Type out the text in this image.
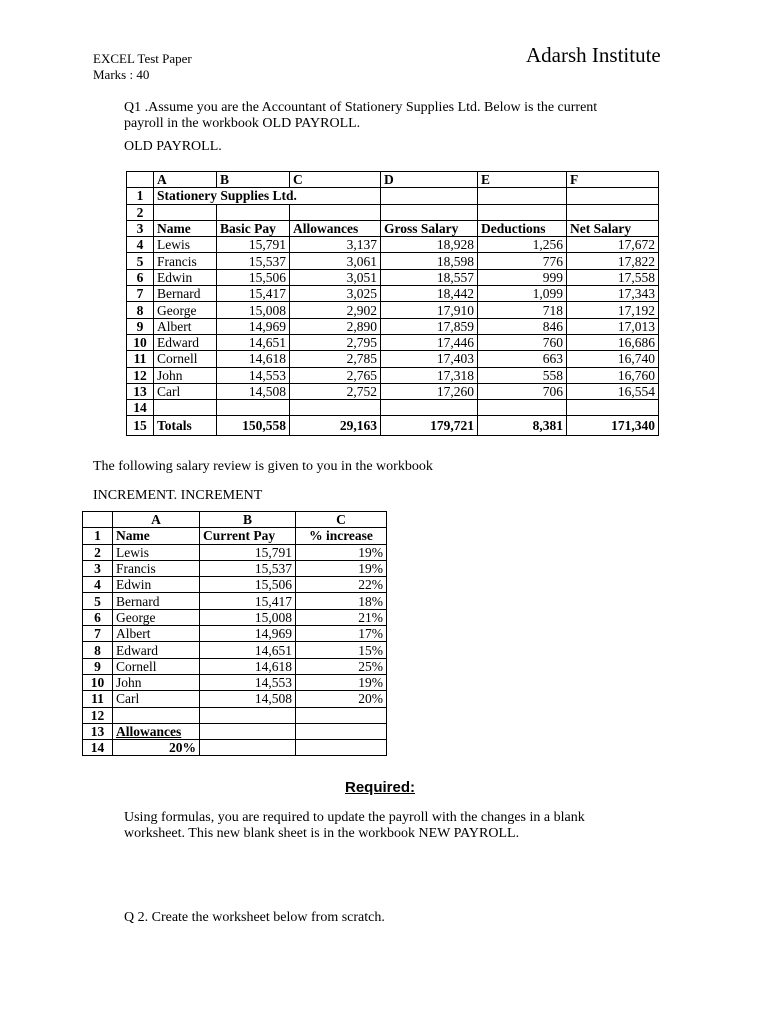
EXCEL Test Paper
Marks : 40
Adarsh Institute
Q1 .Assume you are the Accountant of Stationery Supplies Ltd. Below is the current payroll in the workbook OLD PAYROLL.
OLD PAYROLL.
	A	B	C	D	E	F
1	Stationery Supplies Ltd.					
2						
3	Name	Basic Pay	Allowances	Gross Salary	Deductions	Net Salary
4	Lewis	15,791	3,137	18,928	1,256	17,672
5	Francis	15,537	3,061	18,598	776	17,822
6	Edwin	15,506	3,051	18,557	999	17,558
7	Bernard	15,417	3,025	18,442	1,099	17,343
8	George	15,008	2,902	17,910	718	17,192
9	Albert	14,969	2,890	17,859	846	17,013
10	Edward	14,651	2,795	17,446	760	16,686
11	Cornell	14,618	2,785	17,403	663	16,740
12	John	14,553	2,765	17,318	558	16,760
13	Carl	14,508	2,752	17,260	706	16,554
14						
15	Totals	150,558	29,163	179,721	8,381	171,340
The following salary review is given to you in the workbook
INCREMENT. INCREMENT
	A	B	C
1	Name	Current Pay	% increase
2	Lewis	15,791	19%
3	Francis	15,537	19%
4	Edwin	15,506	22%
5	Bernard	15,417	18%
6	George	15,008	21%
7	Albert	14,969	17%
8	Edward	14,651	15%
9	Cornell	14,618	25%
10	John	14,553	19%
11	Carl	14,508	20%
12			
13	Allowances		
14	20%		
Required:
Using formulas, you are required to update the payroll with the changes in a blank worksheet. This new blank sheet is in the workbook NEW PAYROLL.
Q 2. Create the worksheet below from scratch.
